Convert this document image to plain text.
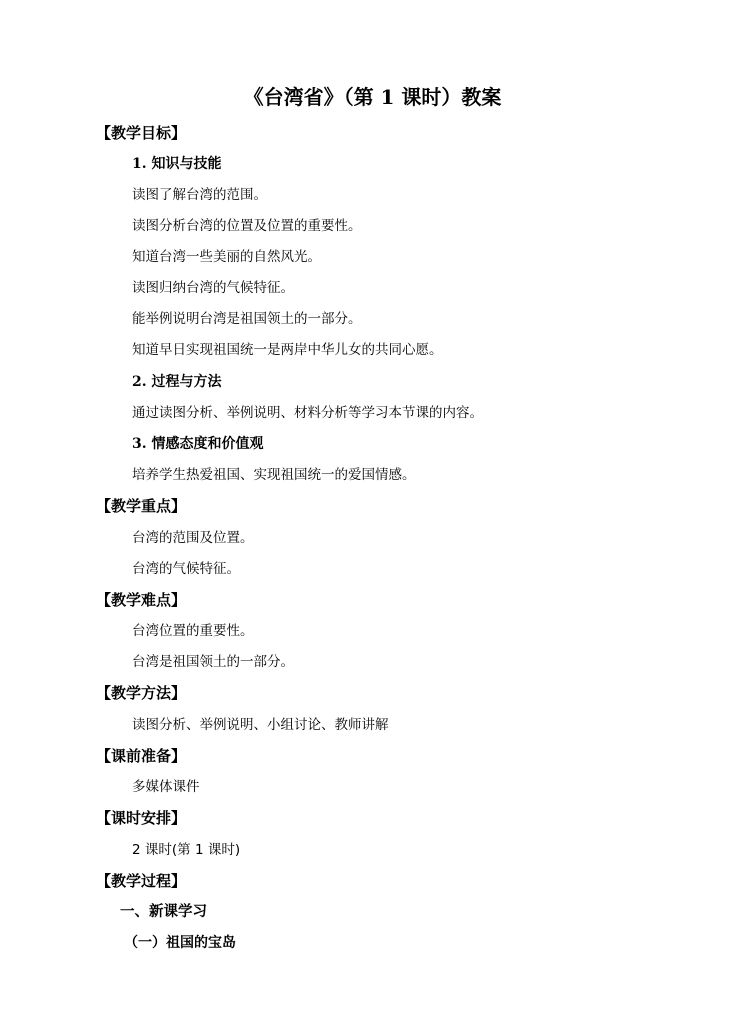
《台湾省》（第 1 课时）教案
【教学目标】
1. 知识与技能
读图了解台湾的范围。
读图分析台湾的位置及位置的重要性。
知道台湾一些美丽的自然风光。
读图归纳台湾的气候特征。
能举例说明台湾是祖国领土的一部分。
知道早日实现祖国统一是两岸中华儿女的共同心愿。
2. 过程与方法
通过读图分析、举例说明、材料分析等学习本节课的内容。
3. 情感态度和价值观
培养学生热爱祖国、实现祖国统一的爱国情感。
【教学重点】
台湾的范围及位置。
台湾的气候特征。
【教学难点】
台湾位置的重要性。
台湾是祖国领土的一部分。
【教学方法】
读图分析、举例说明、小组讨论、教师讲解
【课前准备】
多媒体课件
【课时安排】
2 课时(第 1 课时)
【教学过程】
一、新课学习
（一）祖国的宝岛
